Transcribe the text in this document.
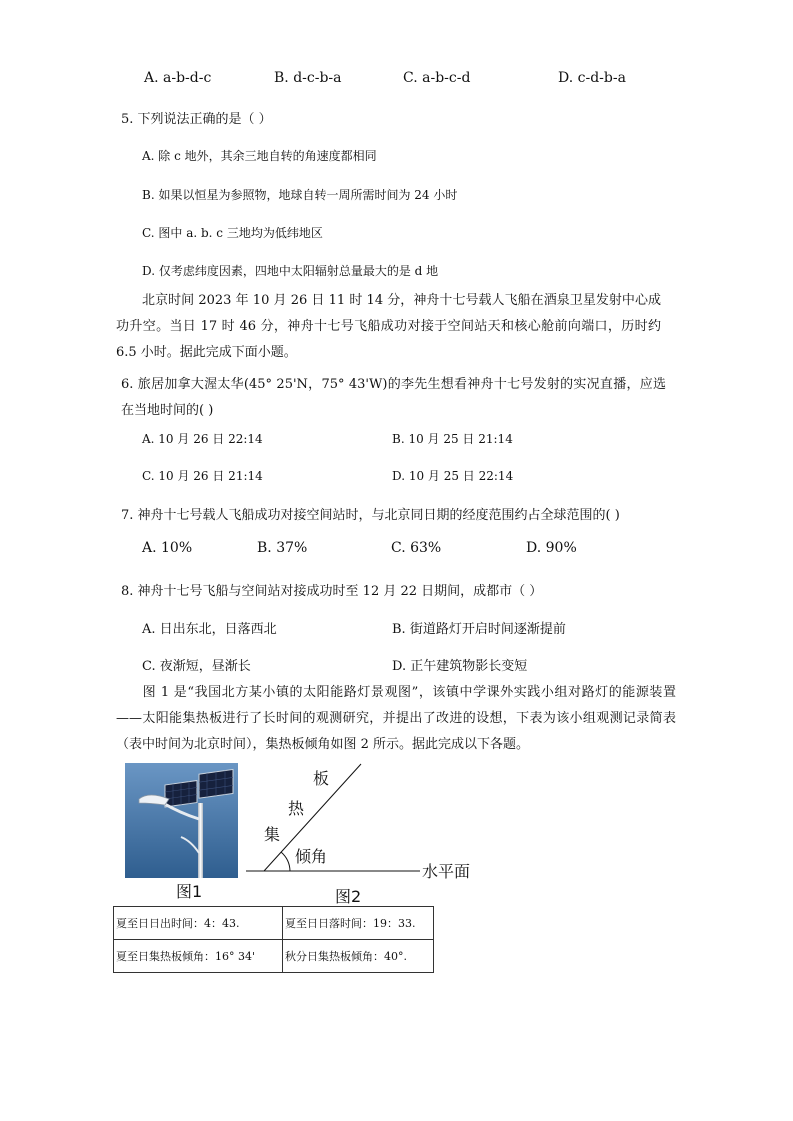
A. a-b-d-c	B. d-c-b-a	C. a-b-c-d	D. c-d-b-a
5. 下列说法正确的是（ ）
A. 除 c 地外，其余三地自转的角速度都相同
B. 如果以恒星为参照物，地球自转一周所需时间为 24 小时
C. 图中 a. b. c 三地均为低纬地区
D. 仅考虑纬度因素，四地中太阳辐射总量最大的是 d 地
北京时间 2023 年 10 月 26 日 11 时 14 分，神舟十七号载人飞船在酒泉卫星发射中心成功升空。当日 17 时 46 分，神舟十七号飞船成功对接于空间站天和核心舱前向端口，历时约 6.5 小时。据此完成下面小题。
6. 旅居加拿大渥太华(45° 25'N，75° 43'W)的李先生想看神舟十七号发射的实况直播，应选在当地时间的( )
A. 10 月 26 日 22:14	B. 10 月 25 日 21:14
C. 10 月 26 日 21:14	D. 10 月 25 日 22:14
7. 神舟十七号载人飞船成功对接空间站时，与北京同日期的经度范围约占全球范围的( )
A. 10%	B. 37%	C. 63%	D. 90%
8. 神舟十七号飞船与空间站对接成功时至 12 月 22 日期间，成都市（ ）
A. 日出东北，日落西北	B. 街道路灯开启时间逐渐提前
C. 夜渐短，昼渐长	D. 正午建筑物影长变短
图 1 是“我国北方某小镇的太阳能路灯景观图”，该镇中学课外实践小组对路灯的能源装置——太阳能集热板进行了长时间的观测研究，并提出了改进的设想，下表为该小组观测记录简表（表中时间为北京时间），集热板倾角如图 2 所示。据此完成以下各题。
图1
板
热
集
倾角
水平面
图2
夏至日日出时间：4：43.	夏至日日落时间：19：33.
夏至日集热板倾角：16° 34'	秋分日集热板倾角：40°.
